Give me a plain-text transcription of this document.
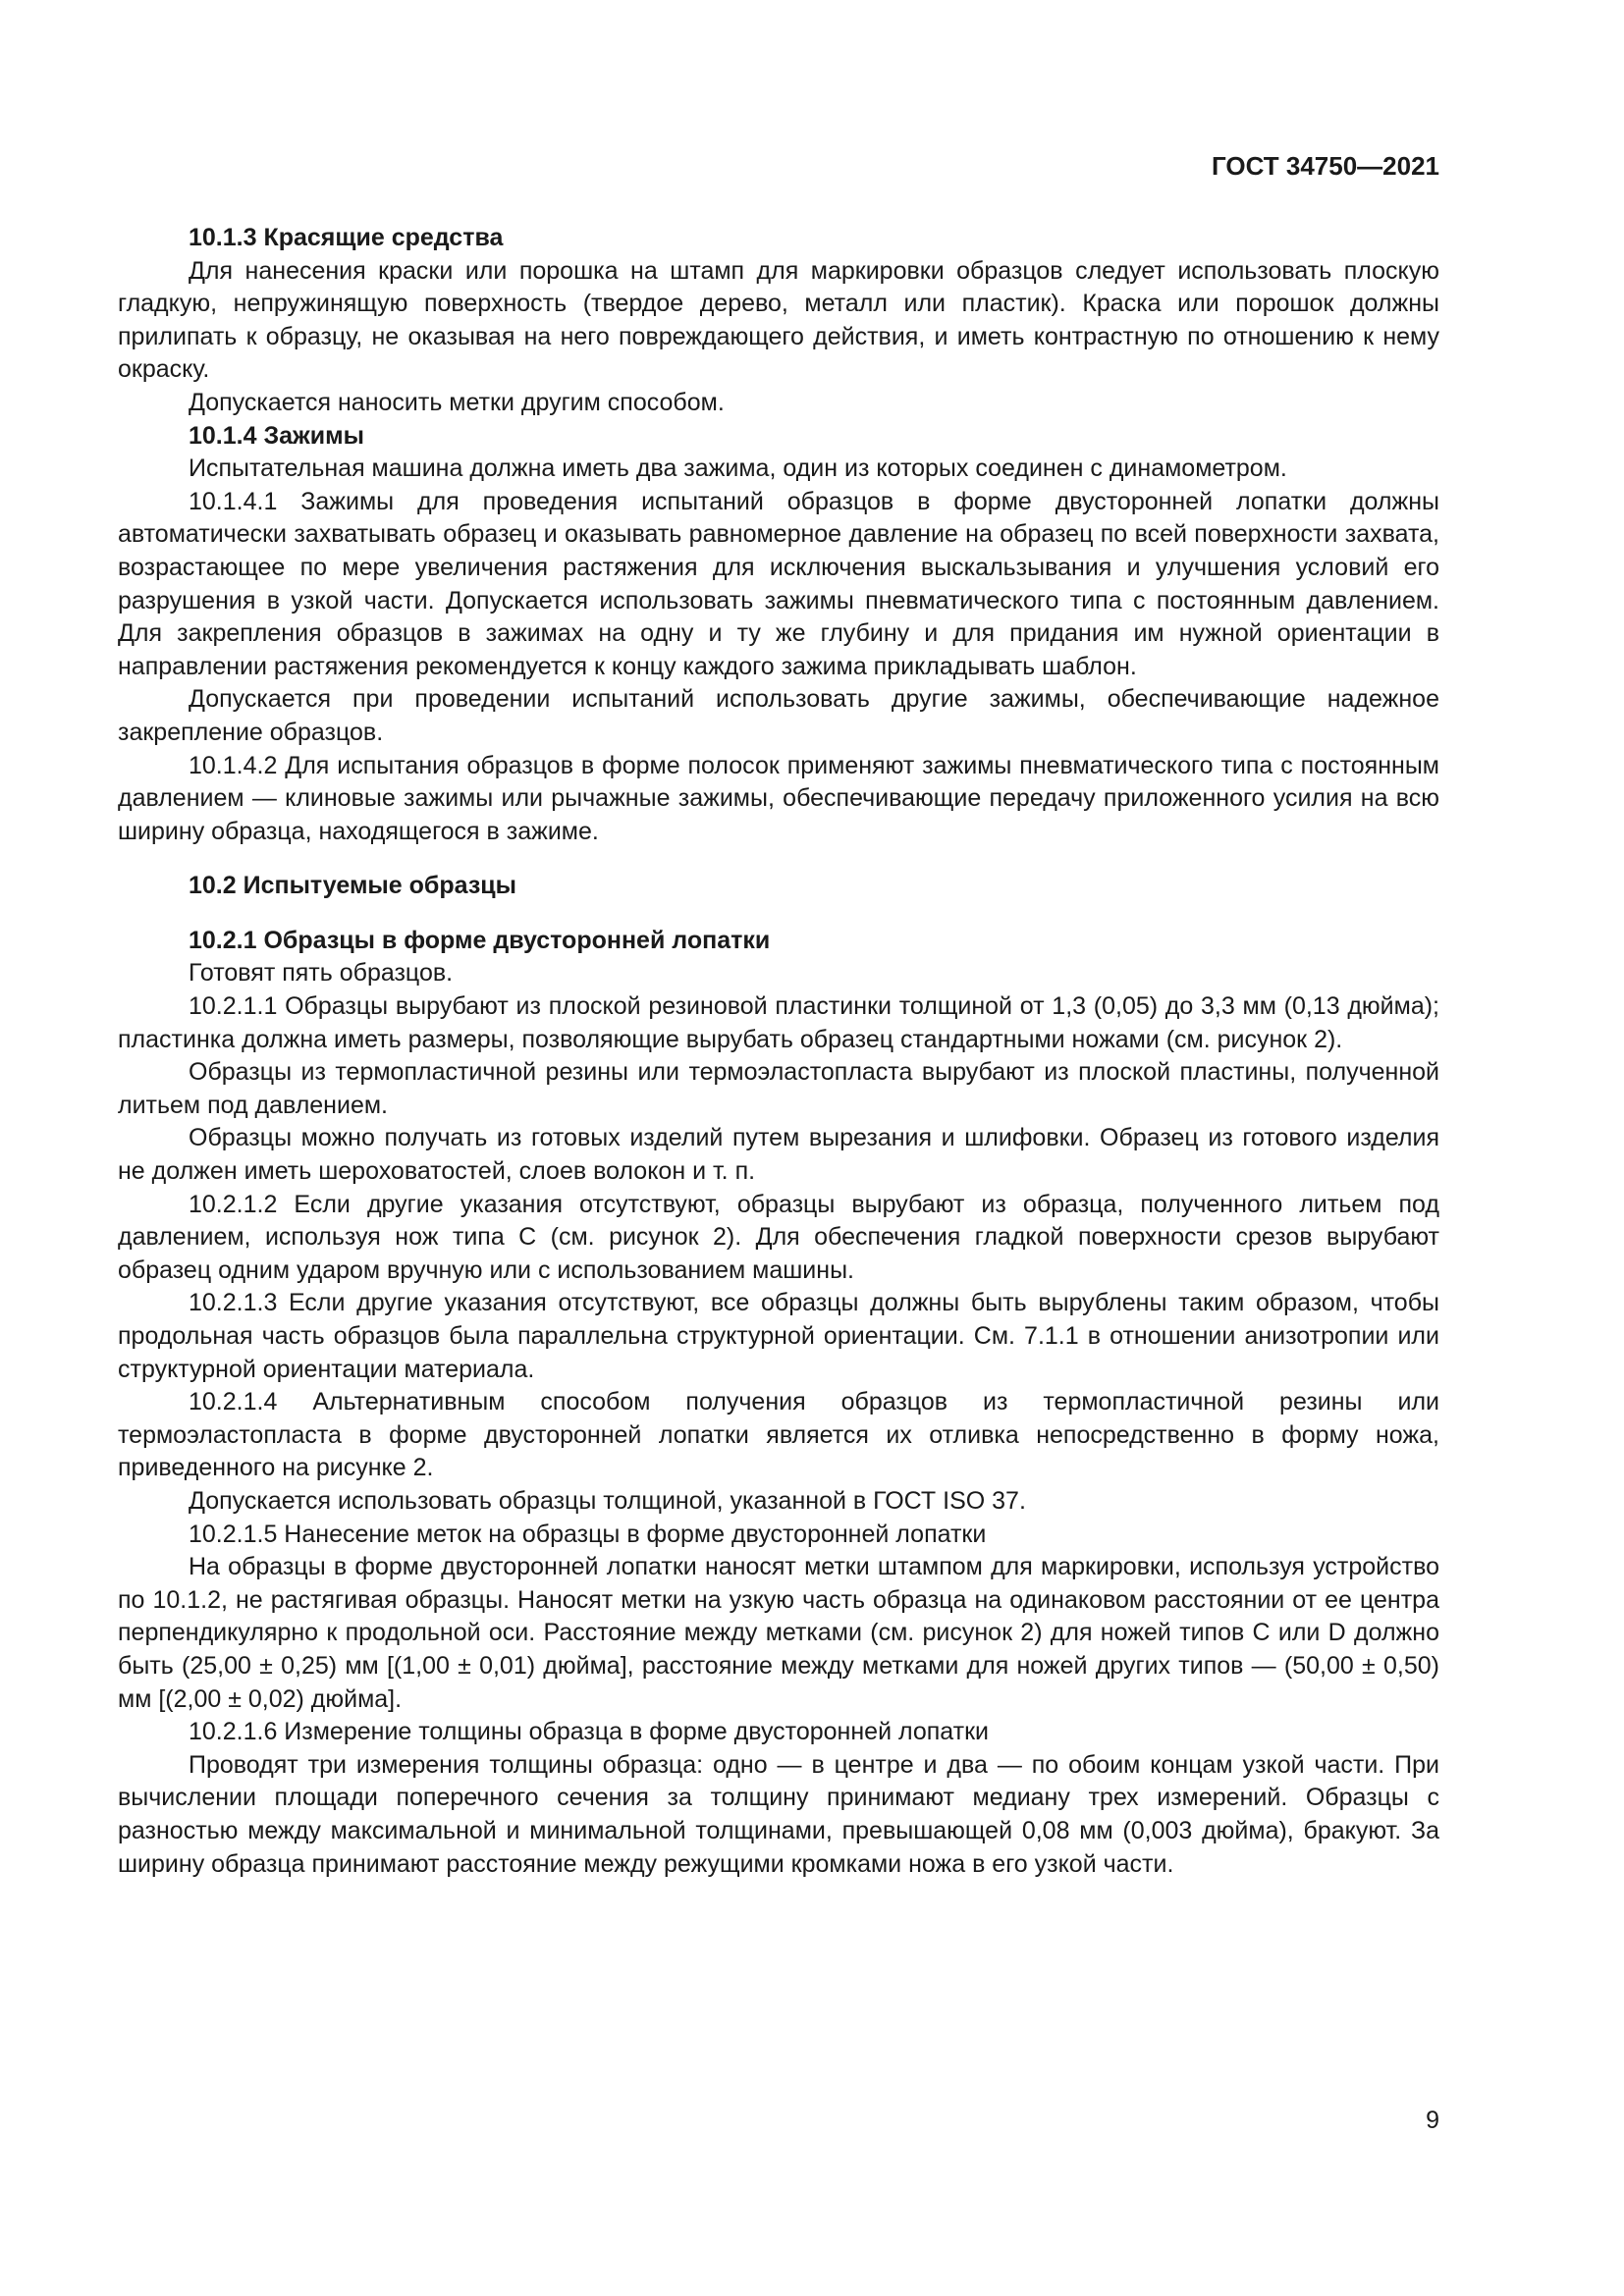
ГОСТ 34750—2021

10.1.3 Красящие средства

Для нанесения краски или порошка на штамп для маркировки образцов следует использовать плоскую гладкую, непружинящую поверхность (твердое дерево, металл или пластик). Краска или порошок должны прилипать к образцу, не оказывая на него повреждающего действия, и иметь контрастную по отношению к нему окраску.

Допускается наносить метки другим способом.

10.1.4 Зажимы

Испытательная машина должна иметь два зажима, один из которых соединен с динамометром.

10.1.4.1 Зажимы для проведения испытаний образцов в форме двусторонней лопатки должны автоматически захватывать образец и оказывать равномерное давление на образец по всей поверхности захвата, возрастающее по мере увеличения растяжения для исключения выскальзывания и улучшения условий его разрушения в узкой части. Допускается использовать зажимы пневматического типа с постоянным давлением. Для закрепления образцов в зажимах на одну и ту же глубину и для придания им нужной ориентации в направлении растяжения рекомендуется к концу каждого зажима прикладывать шаблон.

Допускается при проведении испытаний использовать другие зажимы, обеспечивающие надежное закрепление образцов.

10.1.4.2 Для испытания образцов в форме полосок применяют зажимы пневматического типа с постоянным давлением — клиновые зажимы или рычажные зажимы, обеспечивающие передачу приложенного усилия на всю ширину образца, находящегося в зажиме.

10.2 Испытуемые образцы

10.2.1 Образцы в форме двусторонней лопатки

Готовят пять образцов.

10.2.1.1 Образцы вырубают из плоской резиновой пластинки толщиной от 1,3 (0,05) до 3,3 мм (0,13 дюйма); пластинка должна иметь размеры, позволяющие вырубать образец стандартными ножами (см. рисунок 2).

Образцы из термопластичной резины или термоэластопласта вырубают из плоской пластины, полученной литьем под давлением.

Образцы можно получать из готовых изделий путем вырезания и шлифовки. Образец из готового изделия не должен иметь шероховатостей, слоев волокон и т. п.

10.2.1.2 Если другие указания отсутствуют, образцы вырубают из образца, полученного литьем под давлением, используя нож типа С (см. рисунок 2). Для обеспечения гладкой поверхности срезов вырубают образец одним ударом вручную или с использованием машины.

10.2.1.3 Если другие указания отсутствуют, все образцы должны быть вырублены таким образом, чтобы продольная часть образцов была параллельна структурной ориентации. См. 7.1.1 в отношении анизотропии или структурной ориентации материала.

10.2.1.4 Альтернативным способом получения образцов из термопластичной резины или термоэластопласта в форме двусторонней лопатки является их отливка непосредственно в форму ножа, приведенного на рисунке 2.

Допускается использовать образцы толщиной, указанной в ГОСТ ISO 37.

10.2.1.5 Нанесение меток на образцы в форме двусторонней лопатки

На образцы в форме двусторонней лопатки наносят метки штампом для маркировки, используя устройство по 10.1.2, не растягивая образцы. Наносят метки на узкую часть образца на одинаковом расстоянии от ее центра перпендикулярно к продольной оси. Расстояние между метками (см. рисунок 2) для ножей типов С или D должно быть (25,00 ± 0,25) мм [(1,00 ± 0,01) дюйма], расстояние между метками для ножей других типов — (50,00 ± 0,50) мм [(2,00 ± 0,02) дюйма].

10.2.1.6 Измерение толщины образца в форме двусторонней лопатки

Проводят три измерения толщины образца: одно — в центре и два — по обоим концам узкой части. При вычислении площади поперечного сечения за толщину принимают медиану трех измерений. Образцы с разностью между максимальной и минимальной толщинами, превышающей 0,08 мм (0,003 дюйма), бракуют. За ширину образца принимают расстояние между режущими кромками ножа в его узкой части.

9
